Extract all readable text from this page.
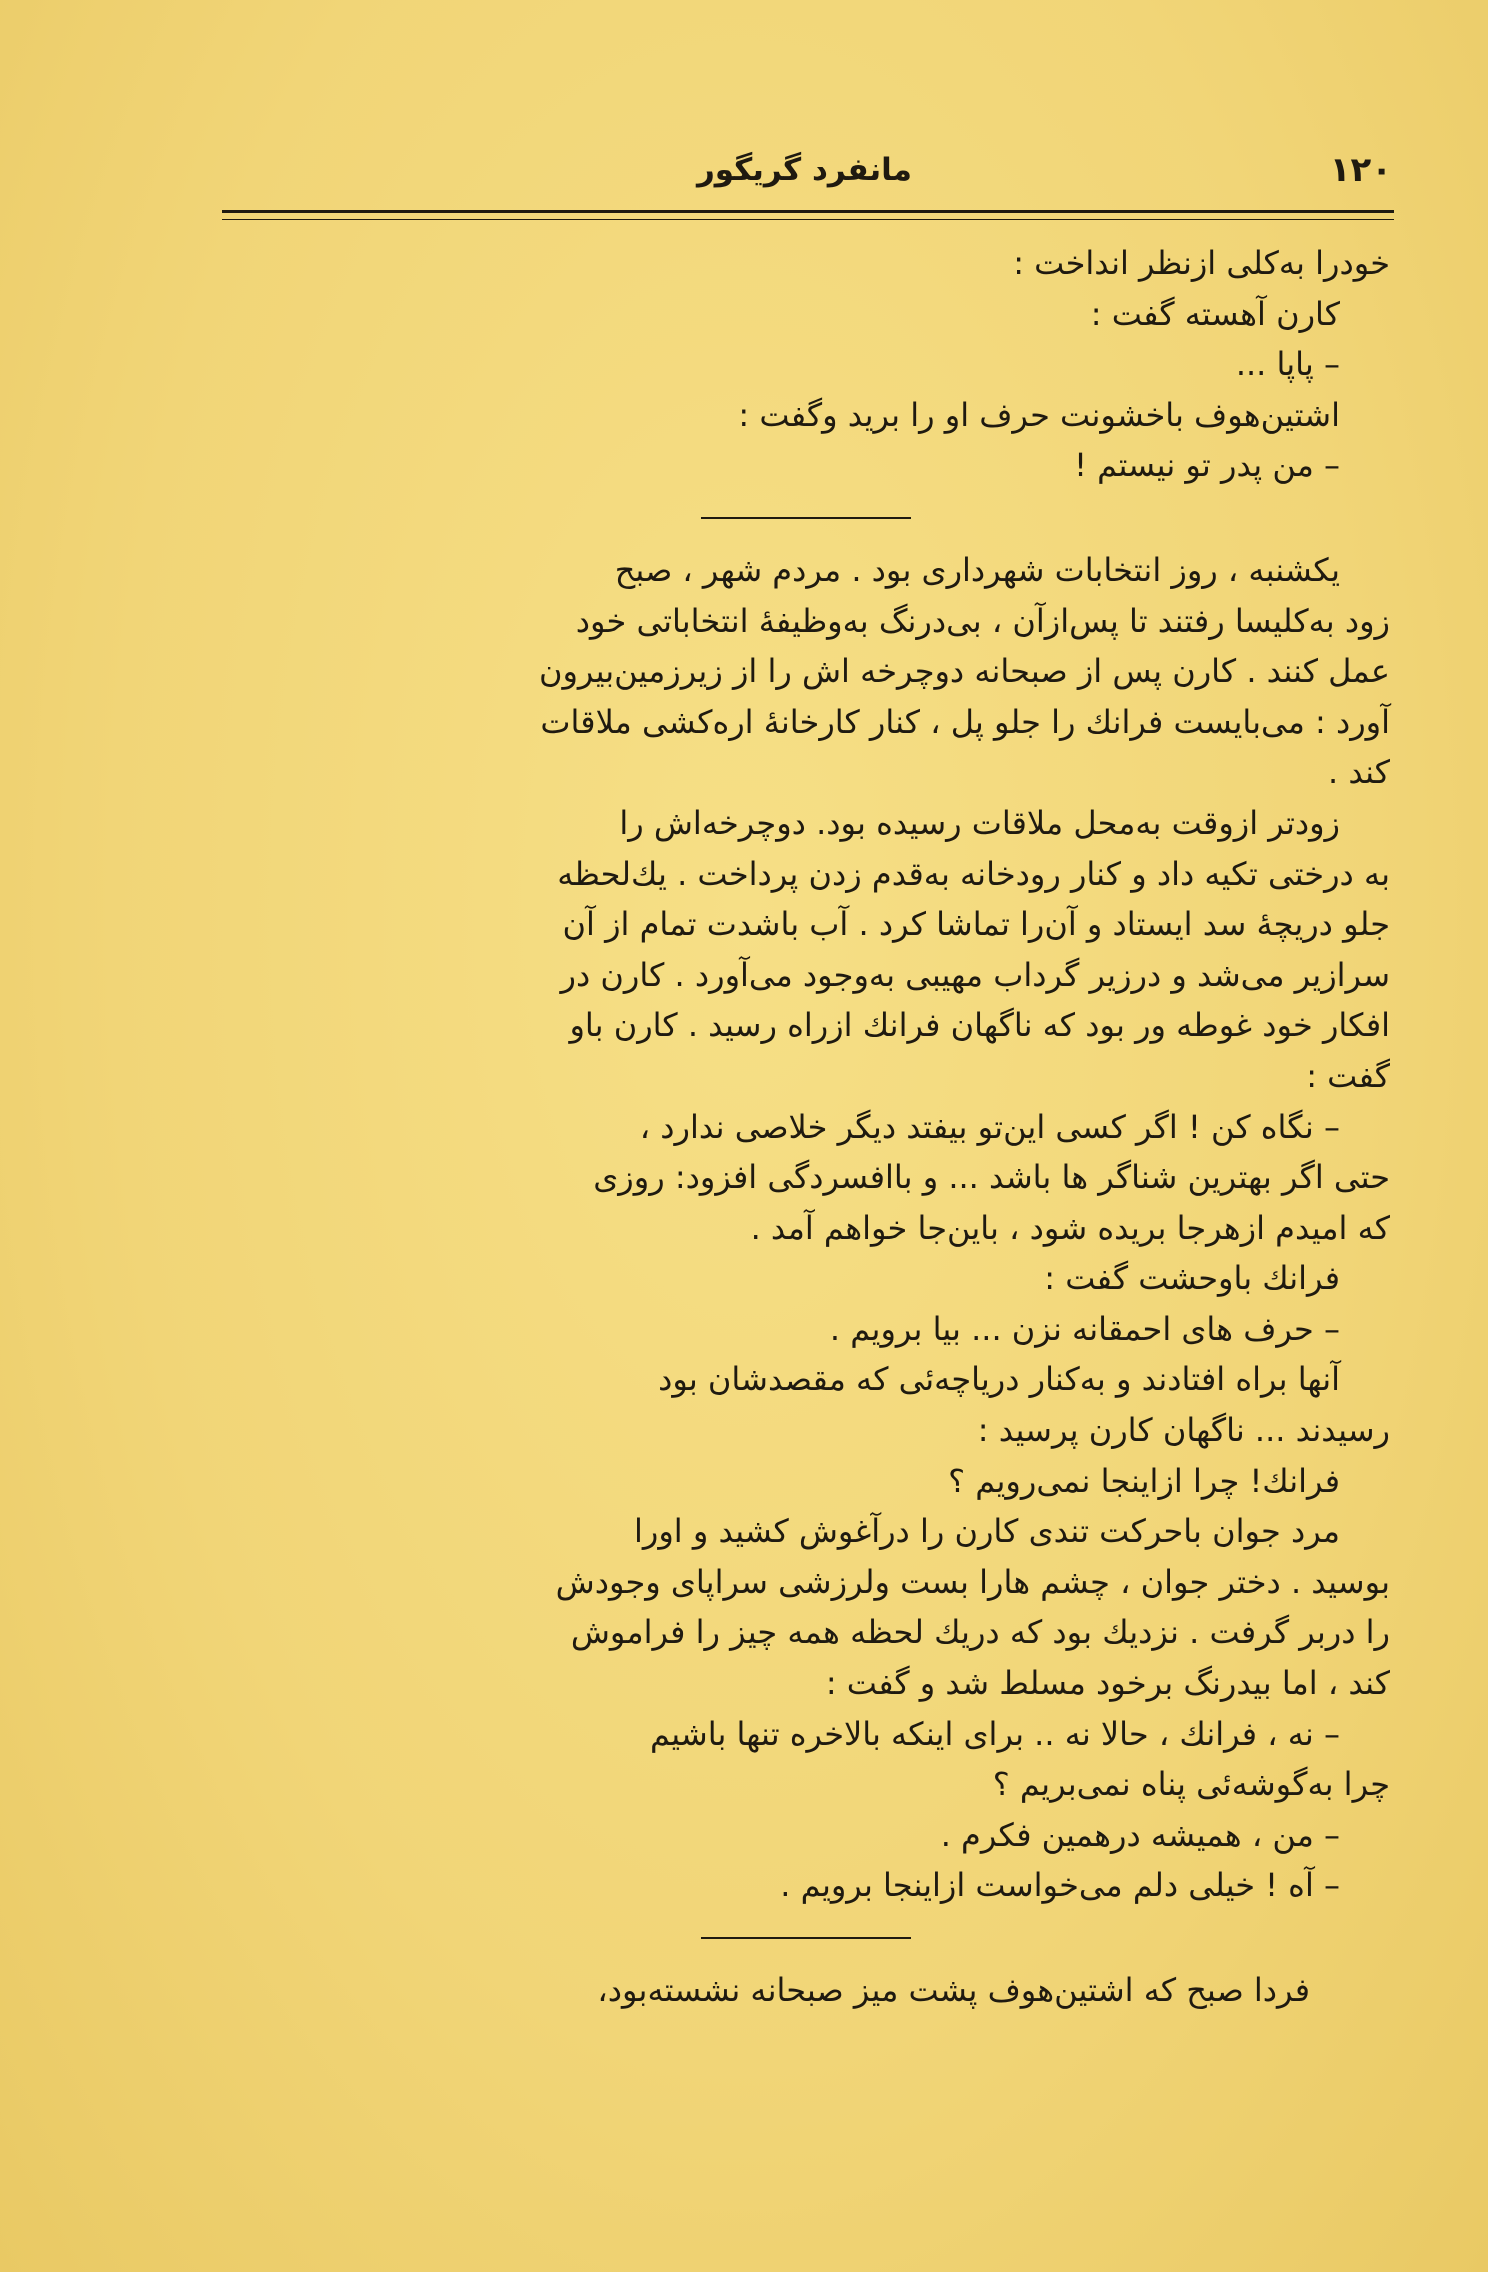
۱۲۰
مانفرد گریگور
خودرا به‌کلی ازنظر انداخت :
کارن آهسته گفت :
– پاپا ...
اشتین‌هوف باخشونت حرف او را برید وگفت :
– من پدر تو نیستم !
یکشنبه ، روز انتخابات شهرداری بود . مردم شهر ، صبح
زود به‌کلیسا رفتند تا پس‌ازآن ، بی‌درنگ به‌وظیفهٔ انتخاباتی خود
عمل کنند . کارن پس از صبحانه دوچرخه اش را از زیرزمین‌بیرون
آورد : می‌بایست فرانك را جلو پل ، کنار کارخانهٔ اره‌کشی ملاقات
کند .
زودتر ازوقت به‌محل ملاقات رسیده بود. دوچرخه‌اش را
به درختی تکیه داد و کنار رودخانه به‌قدم زدن پرداخت . یك‌لحظه
جلو دریچهٔ سد ایستاد و آن‌را تماشا کرد . آب باشدت تمام از آن
سرازیر می‌شد و درزیر گرداب مهیبی به‌وجود می‌آورد . کارن در
افکار خود غوطه ور بود که ناگهان فرانك ازراه رسید . کارن باو
گفت :
– نگاه کن ! اگر کسی این‌تو بیفتد دیگر خلاصی ندارد ،
حتی اگر بهترین شناگر ها باشد ... و باافسردگی افزود: روزی
که امیدم ازهرجا بریده شود ، باین‌جا خواهم آمد .
فرانك باوحشت گفت :
– حرف های احمقانه نزن ... بیا برویم .
آنها براه افتادند و به‌کنار دریاچه‌ئی که مقصدشان بود
رسیدند ... ناگهان کارن پرسید :
فرانك! چرا ازاینجا نمی‌رویم ؟
مرد جوان باحرکت تندی کارن را درآغوش کشید و اورا
بوسید . دختر جوان ، چشم هارا بست ولرزشی سراپای وجودش
را دربر گرفت . نزدیك بود که دریك لحظه همه چیز را فراموش
کند ، اما بیدرنگ برخود مسلط شد و گفت :
– نه ، فرانك ، حالا نه .. برای اینکه بالاخره تنها باشیم
چرا به‌گوشه‌ئی پناه نمی‌بریم ؟
– من ، همیشه درهمین فکرم .
– آه ! خیلی دلم می‌خواست ازاینجا برویم .
فردا صبح که اشتین‌هوف پشت میز صبحانه نشسته‌بود،
